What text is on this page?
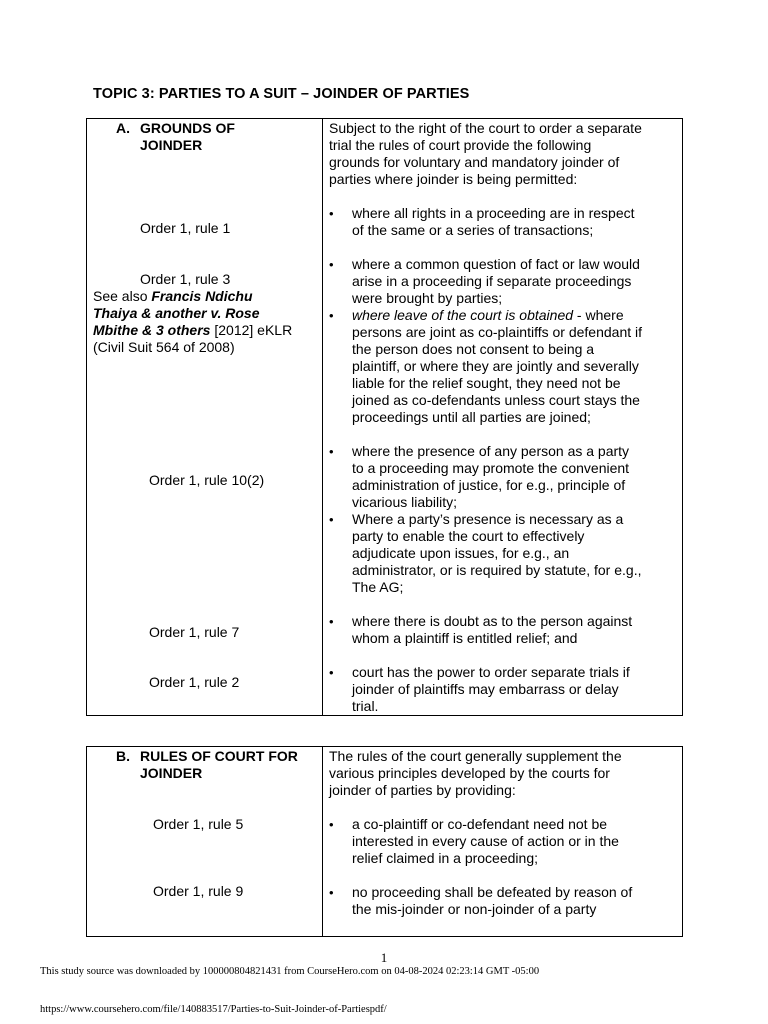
TOPIC 3: PARTIES TO A SUIT – JOINDER OF PARTIES
A. GROUNDS OF
JOINDER
Order 1, rule 1
Order 1, rule 3
See also Francis Ndichu
Thaiya & another v. Rose
Mbithe & 3 others [2012] eKLR
(Civil Suit 564 of 2008)
Order 1, rule 10(2)
Order 1, rule 7
Order 1, rule 2
Subject to the right of the court to order a separate
trial the rules of court provide the following
grounds for voluntary and mandatory joinder of
parties where joinder is being permitted:
• where all rights in a proceeding are in respect
of the same or a series of transactions;
• where a common question of fact or law would
arise in a proceeding if separate proceedings
were brought by parties;
• where leave of the court is obtained - where
persons are joint as co-plaintiffs or defendant if
the person does not consent to being a
plaintiff, or where they are jointly and severally
liable for the relief sought, they need not be
joined as co-defendants unless court stays the
proceedings until all parties are joined;
• where the presence of any person as a party
to a proceeding may promote the convenient
administration of justice, for e.g., principle of
vicarious liability;
• Where a party’s presence is necessary as a
party to enable the court to effectively
adjudicate upon issues, for e.g., an
administrator, or is required by statute, for e.g.,
The AG;
• where there is doubt as to the person against
whom a plaintiff is entitled relief; and
• court has the power to order separate trials if
joinder of plaintiffs may embarrass or delay
trial.
B. RULES OF COURT FOR
JOINDER
Order 1, rule 5
Order 1, rule 9
The rules of the court generally supplement the
various principles developed by the courts for
joinder of parties by providing:
• a co-plaintiff or co-defendant need not be
interested in every cause of action or in the
relief claimed in a proceeding;
• no proceeding shall be defeated by reason of
the mis-joinder or non-joinder of a party
1
This study source was downloaded by 100000804821431 from CourseHero.com on 04-08-2024 02:23:14 GMT -05:00
https://www.coursehero.com/file/140883517/Parties-to-Suit-Joinder-of-Partiespdf/
